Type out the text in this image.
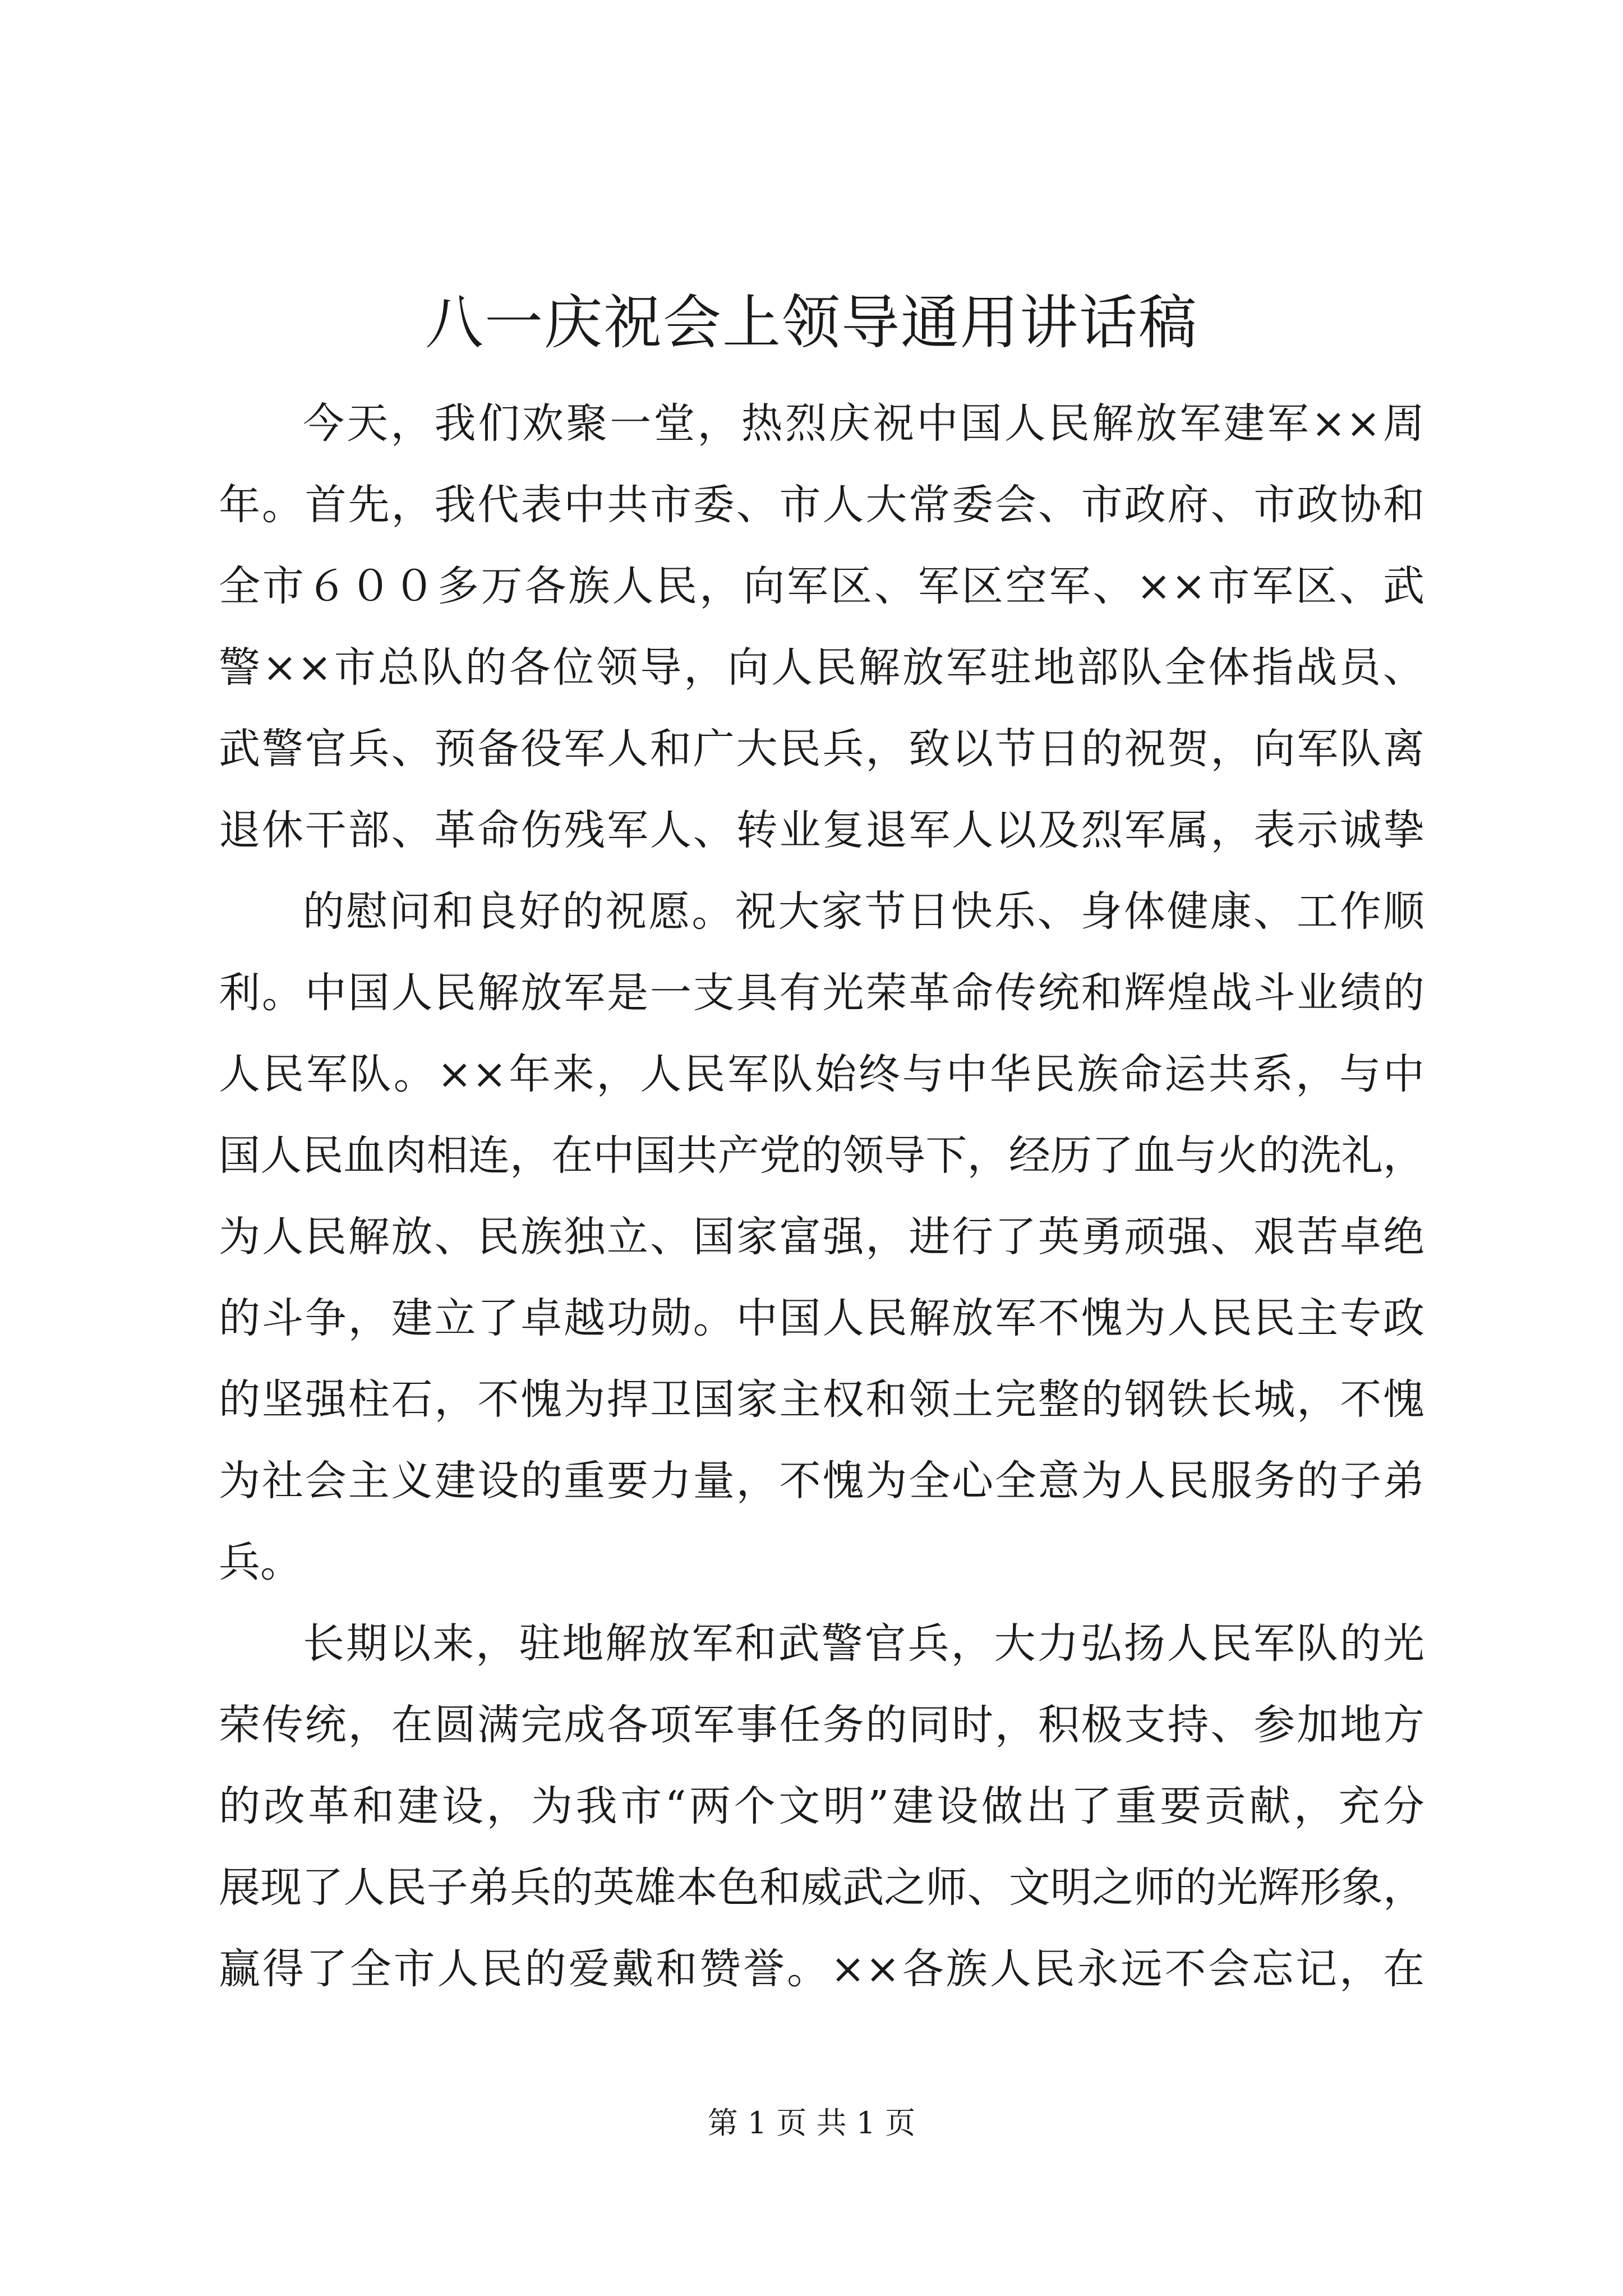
八一庆祝会上领导通用讲话稿
今天，我们欢聚一堂，热烈庆祝中国人民解放军建军××周
年。首先，我代表中共市委、市人大常委会、市政府、市政协和
全市６００多万各族人民，向军区、军区空军、××市军区、武
警××市总队的各位领导，向人民解放军驻地部队全体指战员、
武警官兵、预备役军人和广大民兵，致以节日的祝贺，向军队离
退休干部、革命伤残军人、转业复退军人以及烈军属，表示诚挚
的慰问和良好的祝愿。祝大家节日快乐、身体健康、工作顺
利。中国人民解放军是一支具有光荣革命传统和辉煌战斗业绩的
人民军队。××年来，人民军队始终与中华民族命运共系，与中
国人民血肉相连，在中国共产党的领导下，经历了血与火的洗礼，
为人民解放、民族独立、国家富强，进行了英勇顽强、艰苦卓绝
的斗争，建立了卓越功勋。中国人民解放军不愧为人民民主专政
的坚强柱石，不愧为捍卫国家主权和领土完整的钢铁长城，不愧
为社会主义建设的重要力量，不愧为全心全意为人民服务的子弟
兵。
长期以来，驻地解放军和武警官兵，大力弘扬人民军队的光
荣传统，在圆满完成各项军事任务的同时，积极支持、参加地方
的改革和建设，为我市“两个文明”建设做出了重要贡献，充分
展现了人民子弟兵的英雄本色和威武之师、文明之师的光辉形象，
赢得了全市人民的爱戴和赞誉。××各族人民永远不会忘记，在
第 1 页 共 1 页
